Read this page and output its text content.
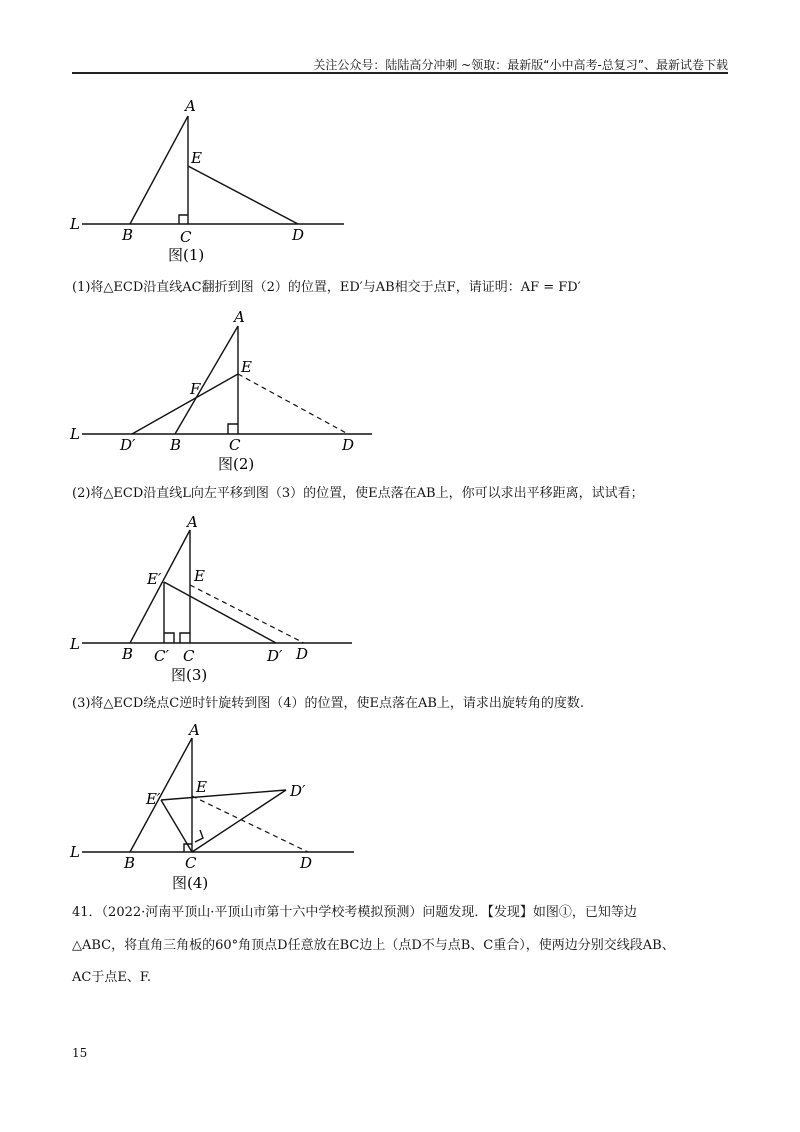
关注公众号：陆陆高分冲刺 ~领取：最新版“小中高考-总复习”、最新试卷下载
A
E
L
B	C	D
图(1)
(1)将△ECD沿直线AC翻折到图（2）的位置，ED′与AB相交于点F，请证明：AF = FD′
A
E
F
L
D′ B	C	D
图(2)
(2)将△ECD沿直线L向左平移到图（3）的位置，使E点落在AB上，你可以求出平移距离，试试看；
A
E′ E
L
B C′ C	D′ D
图(3)
(3)将△ECD绕点C逆时针旋转到图（4）的位置，使E点落在AB上，请求出旋转角的度数.
A
E
E′	D′
L
B	C	D
图(4)
41．（2022·河南平顶山·平顶山市第十六中学校考模拟预测）问题发现．【发现】如图①，已知等边
△ABC，将直角三角板的60°角顶点D任意放在BC边上（点D不与点B、C重合），使两边分别交线段AB、
AC于点E、F.
15
